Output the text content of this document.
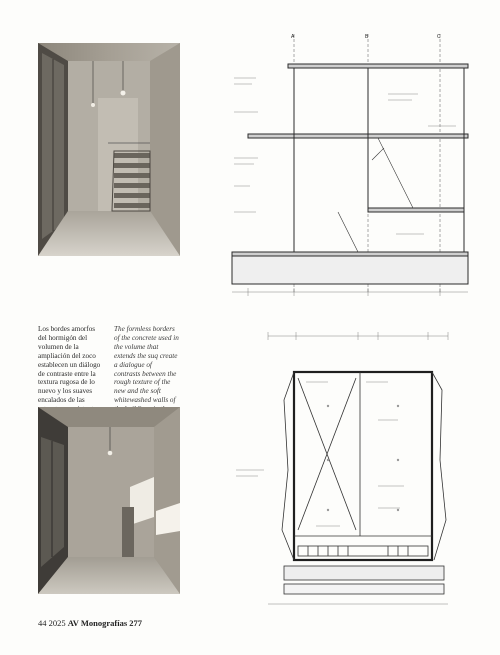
Los bordes amorfos del hormigón del volumen de la ampliación del zoco establecen un diálogo de contraste entre la textura rugosa de lo nuevo y los suaves encalados de las
The formless borders of the concrete used in the volume that extends the suq create a dialogue of contrasts between the rough texture of the new and the soft whitewashed walls of
A	B	C
44 2025 AV Monografías 277
